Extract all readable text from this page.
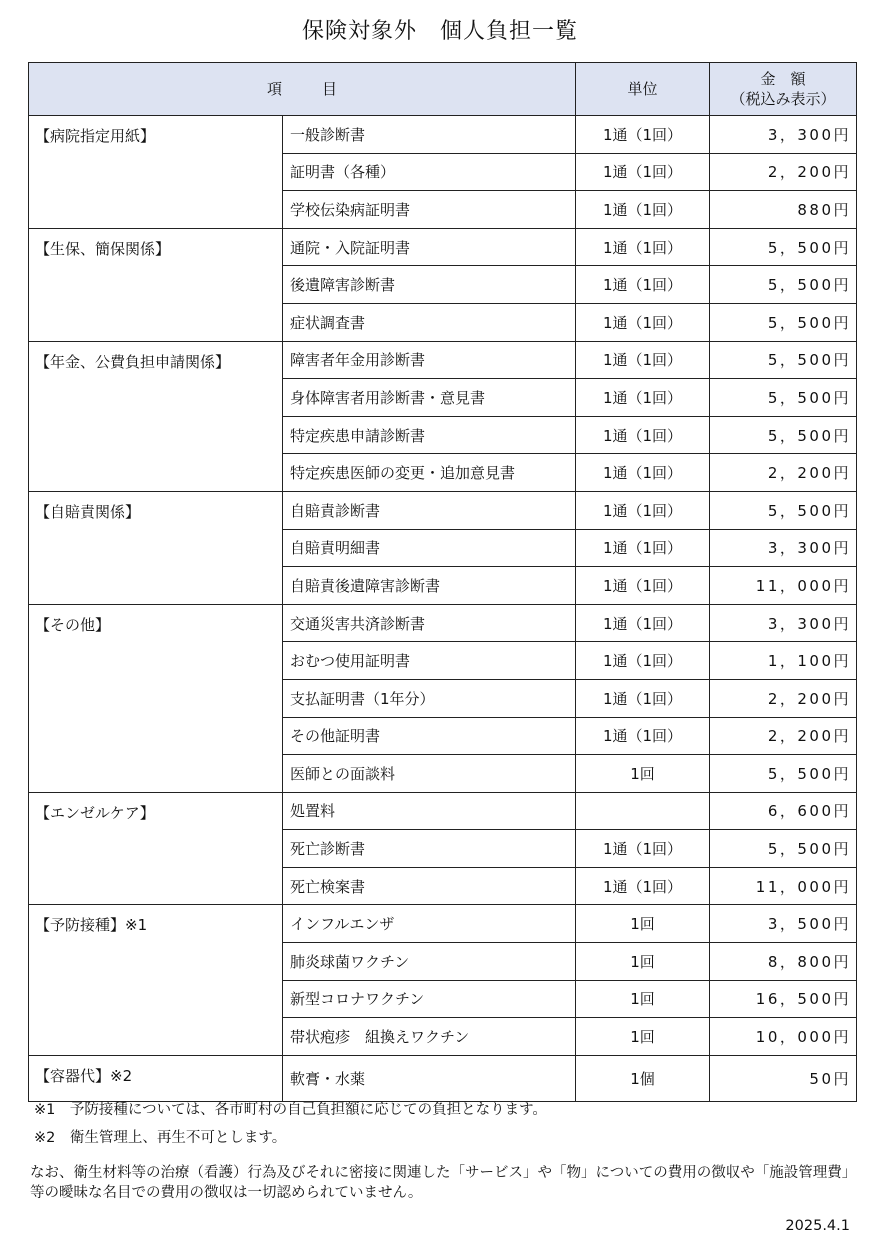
保険対象外　個人負担一覧
項 目		単位	金　額
（税込み表示）

【病院指定用紙】	一般診断書	1通（1回）	3，300円
	証明書（各種）	1通（1回）	2，200円
	学校伝染病証明書	1通（1回）	880円
【生保、簡保関係】	通院・入院証明書	1通（1回）	5，500円
	後遺障害診断書	1通（1回）	5，500円
	症状調査書	1通（1回）	5，500円
【年金、公費負担申請関係】	障害者年金用診断書	1通（1回）	5，500円
	身体障害者用診断書・意見書	1通（1回）	5，500円
	特定疾患申請診断書	1通（1回）	5，500円
	特定疾患医師の変更・追加意見書	1通（1回）	2，200円
【自賠責関係】	自賠責診断書	1通（1回）	5，500円
	自賠責明細書	1通（1回）	3，300円
	自賠責後遺障害診断書	1通（1回）	11，000円
【その他】	交通災害共済診断書	1通（1回）	3，300円
	おむつ使用証明書	1通（1回）	1，100円
	支払証明書（1年分）	1通（1回）	2，200円
	その他証明書	1通（1回）	2，200円
	医師との面談料	1回	5，500円
【エンゼルケア】	処置料		6，600円
	死亡診断書	1通（1回）	5，500円
	死亡検案書	1通（1回）	11，000円
【予防接種】※1	インフルエンザ	1回	3，500円
	肺炎球菌ワクチン	1回	8，800円
	新型コロナワクチン	1回	16，500円
	帯状疱疹　組換えワクチン	1回	10，000円
【容器代】※2	軟膏・水薬	1個	50円

※1　予防接種については、各市町村の自己負担額に応じての負担となります。

※2　衛生管理上、再生不可とします。

なお、衛生材料等の治療（看護）行為及びそれに密接に関連した「サービス」や「物」についての費用の徴収や「施設管理費」等の曖昧な名目での費用の徴収は一切認められていません。

2025.4.1
